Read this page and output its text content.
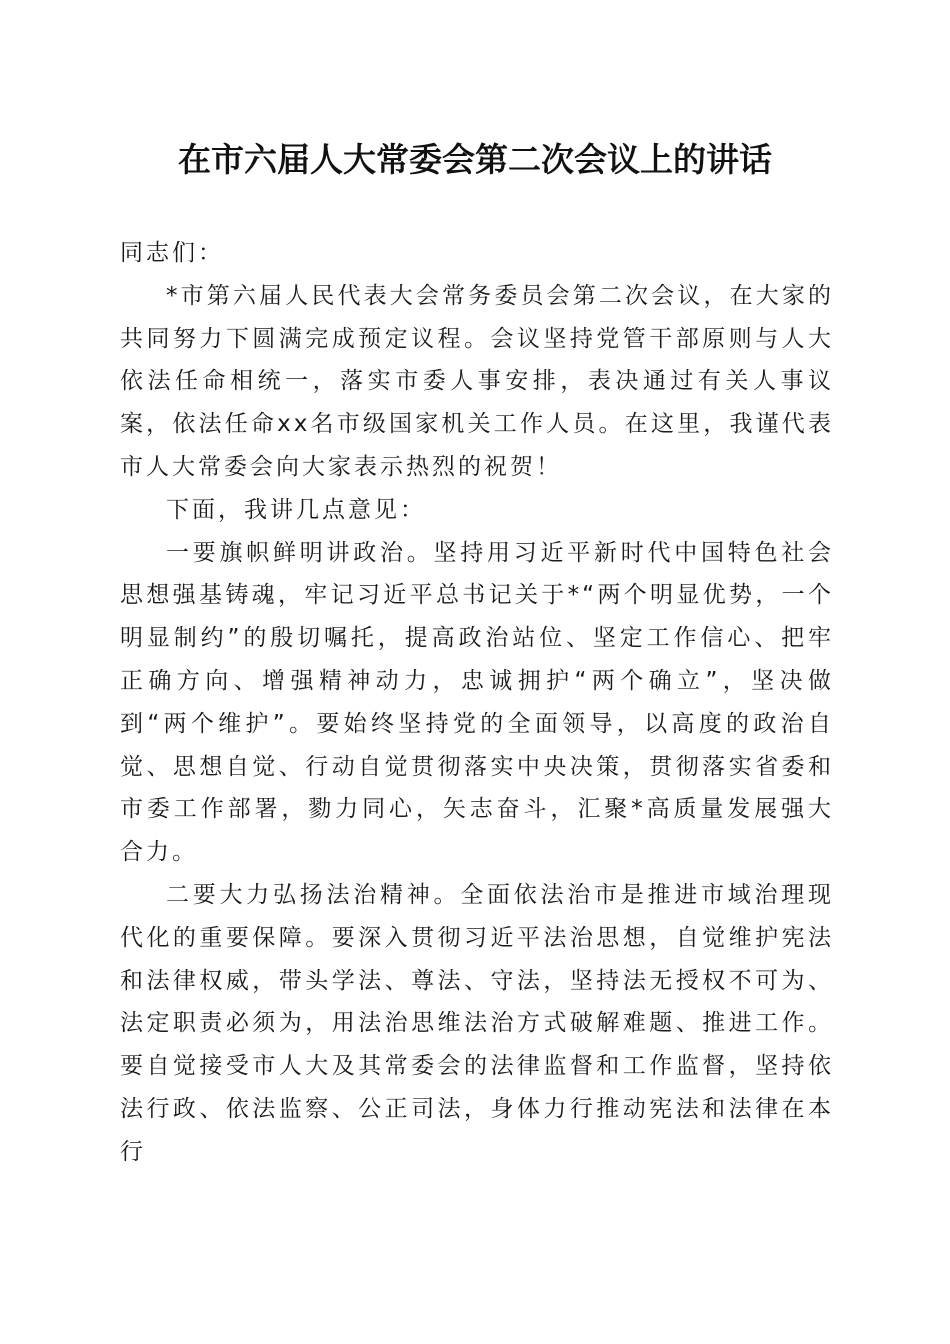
在市六届人大常委会第二次会议上的讲话

同志们：

*市第六届人民代表大会常务委员会第二次会议，在大家的共同努力下圆满完成预定议程。会议坚持党管干部原则与人大依法任命相统一，落实市委人事安排，表决通过有关人事议案，依法任命xx名市级国家机关工作人员。在这里，我谨代表市人大常委会向大家表示热烈的祝贺！

下面，我讲几点意见：

一要旗帜鲜明讲政治。坚持用习近平新时代中国特色社会思想强基铸魂，牢记习近平总书记关于*“两个明显优势，一个明显制约”的殷切嘱托，提高政治站位、坚定工作信心、把牢正确方向、增强精神动力，忠诚拥护“两个确立”，坚决做到“两个维护”。要始终坚持党的全面领导，以高度的政治自觉、思想自觉、行动自觉贯彻落实中央决策，贯彻落实省委和市委工作部署，勠力同心，矢志奋斗，汇聚*高质量发展强大合力。

二要大力弘扬法治精神。全面依法治市是推进市域治理现代化的重要保障。要深入贯彻习近平法治思想，自觉维护宪法和法律权威，带头学法、尊法、守法，坚持法无授权不可为、法定职责必须为，用法治思维法治方式破解难题、推进工作。要自觉接受市人大及其常委会的法律监督和工作监督，坚持依法行政、依法监察、公正司法，身体力行推动宪法和法律在本行
